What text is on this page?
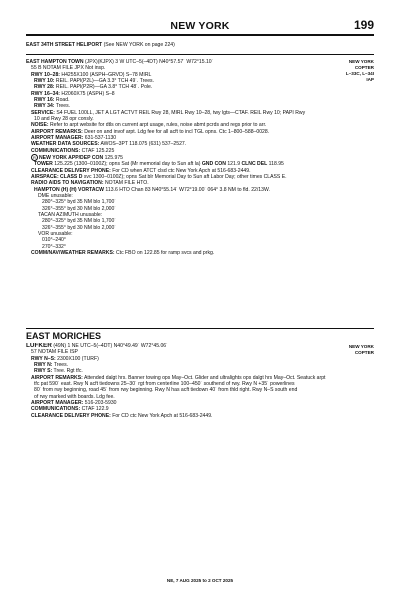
NEW YORK	199
EAST 34TH STREET HELIPORT (See NEW YORK on page 224)
NEW YORK
COPTER
L–33C, L–34I
IAP
EAST HAMPTON TOWN (JPX)(KJPX) 3 W UTC–5(–4DT) N40°57.57´ W72°15.10´
55 B NOTAM FILE JPX Not insp.
RWY 10–28: H4255X100 (ASPH–GRVD) S–78 MIRL
RWY 10: REIL. PAPI(P2L)—GA 3.3° TCH 49´. Trees.
RWY 28: REIL. PAPI(P2R)—GA 3.8° TCH 48´. Pole.
RWY 16–34: H2060X75 (ASPH) S–8
RWY 16: Road.
RWY 34: Trees.
SERVICE: S4 FUEL 100LL, JET A LGT ACTVT REIL Rwy 28, MIRL Rwy 10–28, twy lgts—CTAF. REIL Rwy 10; PAPI Rwy
10 and Rwy 28 opr consly.
NOISE: Refer to arpt website for dtls on current arpt usage, rules, noise abmt pcrds and regs prior to arr.
AIRPORT REMARKS: Deer on and invof arpt. Ldg fee for all acft to incl TGL opns. Ctc 1–800–588–0028.
AIRPORT MANAGER: 631-537-1130
WEATHER DATA SOURCES: AWOS–3PT 118.075 (631) 537–2527.
COMMUNICATIONS: CTAF 125.225
R NEW YORK APP/DEP CON 125.975
TOWER 125.225 (1300–0100Z); opns Sat (Mr memorial day to Sun aft la) GND CON 121.9 CLNC DEL 118.95
CLEARANCE DELIVERY PHONE: For CD when ATCT clsd ctc New York Apch at 516-683-2449.
AIRSPACE: CLASS D svc 1300–0100Z); opns Sat blr Memorial Day to Sun aft Labor Day; other times CLASS E.
RADIO AIDS TO NAVIGATION: NOTAM FILE HTO.
HAMPTON (H) (H) VORTACW 113.6 HTO Chan 83 N40°55.14´ W72°19.00´ 064° 3.8 NM to fld. 22/13W.
DME unusable:
280°–325° byd 35 NM blo 1,700´
326°–355° byd 30 NM blo 2,000´
TACAN AZIMUTH unusable:
280°–325° byd 35 NM blo 1,700´
326°–355° byd 30 NM blo 2,000´
VOR unusable:
010°–240°
270°–332°
COMM/NAV/WEATHER REMARKS: Ctc FBO on 122.85 for ramp svcs and prkg.
EAST MORICHES
NEW YORK
COPTER
LUFKER (49N) 1 NE UTC–5(–4DT) N40°49.49´ W72°45.06´
57 NOTAM FILE ISP
RWY N–S: 2300X100 (TURF)
RWY N: Trees.
RWY S: Tree. Rgt tfc.
AIRPORT REMARKS: Attended dalgt hrs. Banner towing ops May–Oct. Glider and ultralights ops dalgt hrs May–Oct. Seatuck arpt
tfc pat 590´ east. Rwy N acft tiedowns 25–30´ rgt from centerline 100–450´ southend of rwy. Rwy N +35´ powerlines
80´ from rwy beginning, road 45´ from rwy beginning. Rwy N has acft tiedown 40´ from thld right. Rwy N–S south end
of rwy marked with boards. Ldg fee.
AIRPORT MANAGER: 516-203-5930
COMMUNICATIONS: CTAF 122.9
CLEARANCE DELIVERY PHONE: For CD ctc New York Apch at 516-683-2449.
NE, 7 AUG 2025 to 2 OCT 2025
